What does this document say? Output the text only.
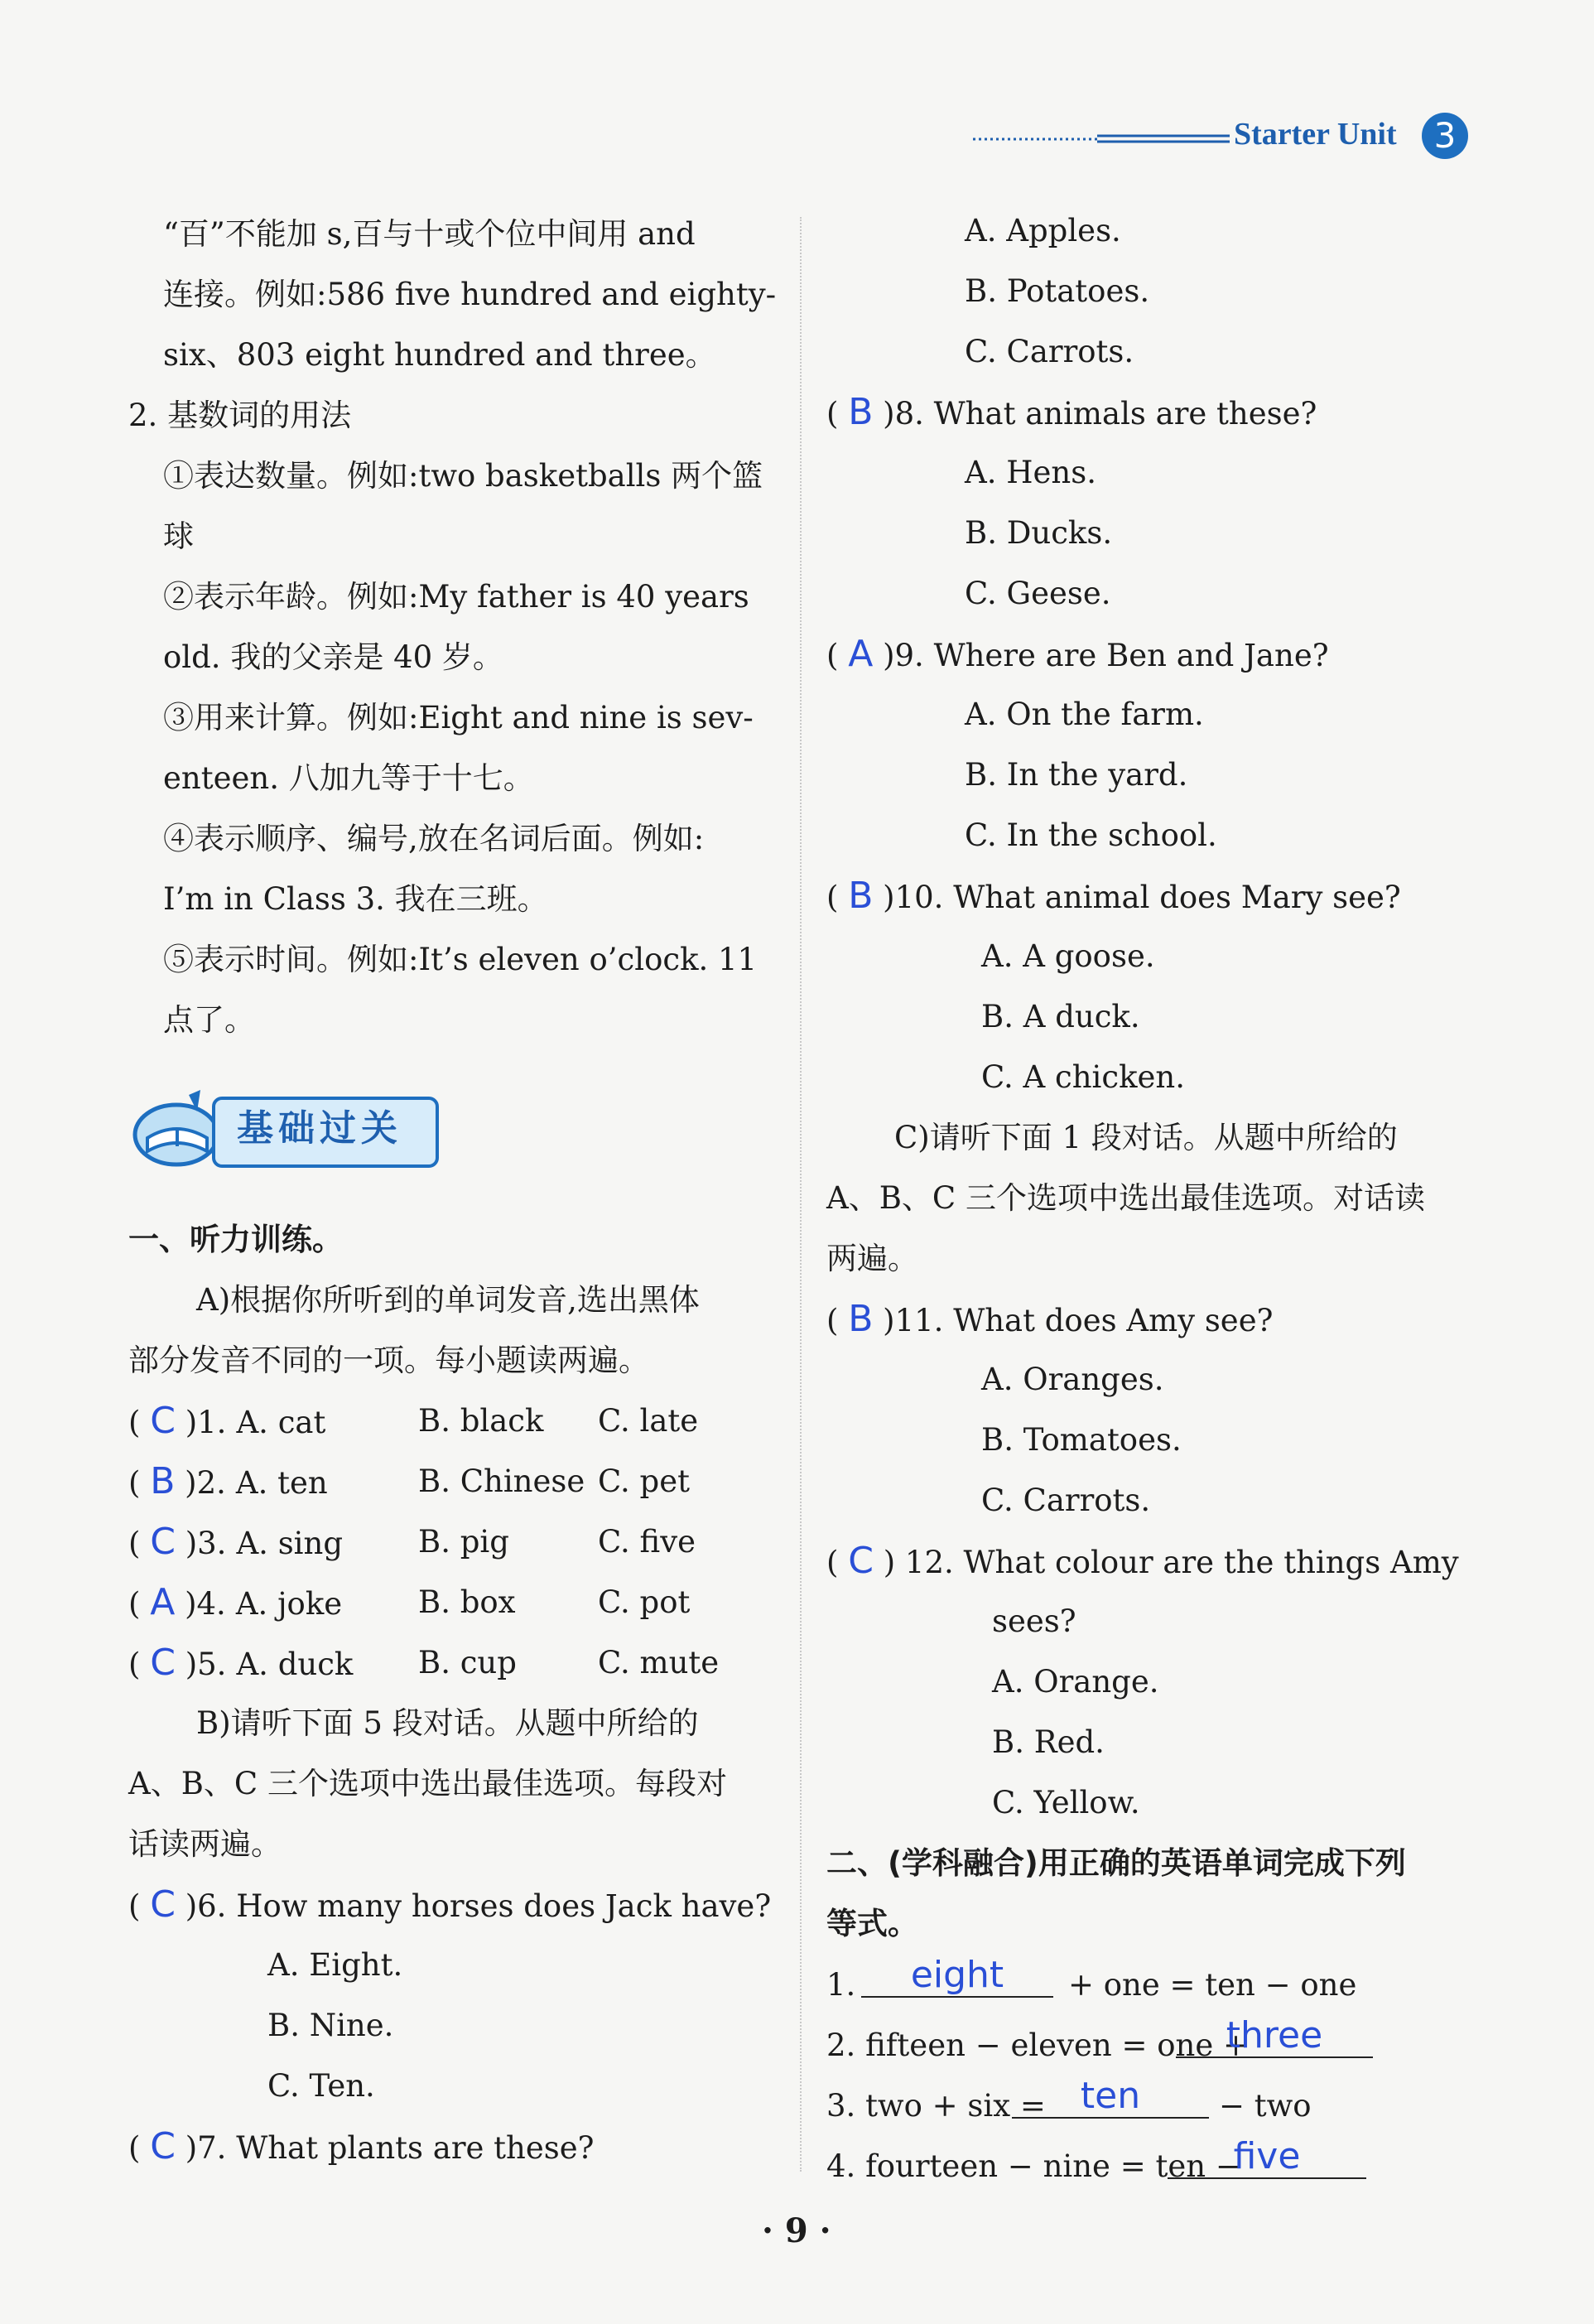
Starter Unit	3
“百”不能加 s,百与十或个位中间用 and
连接。例如:586 five hundred and eighty-
six、803 eight hundred and three。
2. 基数词的用法
①表达数量。例如:two basketballs 两个篮
球
②表示年龄。例如:My father is 40 years
old. 我的父亲是 40 岁。
③用来计算。例如:Eight and nine is sev-
enteen. 八加九等于十七。
④表示顺序、编号,放在名词后面。例如:
I’m in Class 3. 我在三班。
⑤表示时间。例如:It’s eleven o’clock. 11
点了。
基础过关
一、听力训练。
A)根据你所听到的单词发音,选出黑体
部分发音不同的一项。每小题读两遍。
( C )1. A. cat	B. black C. late
( B )2. A. ten	B. Chinese C. pet
( C )3. A. sing B. pig	C. five
( A )4. A. joke B. box	C. pot
( C )5. A. duck B. cup	C. mute
B)请听下面 5 段对话。从题中所给的
A、B、C 三个选项中选出最佳选项。每段对
话读两遍。
( C )6. How many horses does Jack have?
A. Eight.
B. Nine.
C. Ten.
( C )7. What plants are these?
A. Apples.
B. Potatoes.
C. Carrots.
( B )8. What animals are these?
A. Hens.
B. Ducks.
C. Geese.
( A )9. Where are Ben and Jane?
A. On the farm.
B. In the yard.
C. In the school.
( B )10. What animal does Mary see?
A. A goose.
B. A duck.
C. A chicken.
C)请听下面 1 段对话。从题中所给的
A、B、C 三个选项中选出最佳选项。对话读
两遍。
( B )11. What does Amy see?
A. Oranges.
B. Tomatoes.
C. Carrots.
( C ) 12. What colour are the things Amy
sees?
A. Orange.
B. Red.
C. Yellow.
二、(学科融合)用正确的英语单词完成下列
等式。
1.	eight	+ one = ten − one
2. fifteen − eleven = one +
three
3. two + six = ten	− two
4. fourteen − nine = ten −
five
· 9 ·
